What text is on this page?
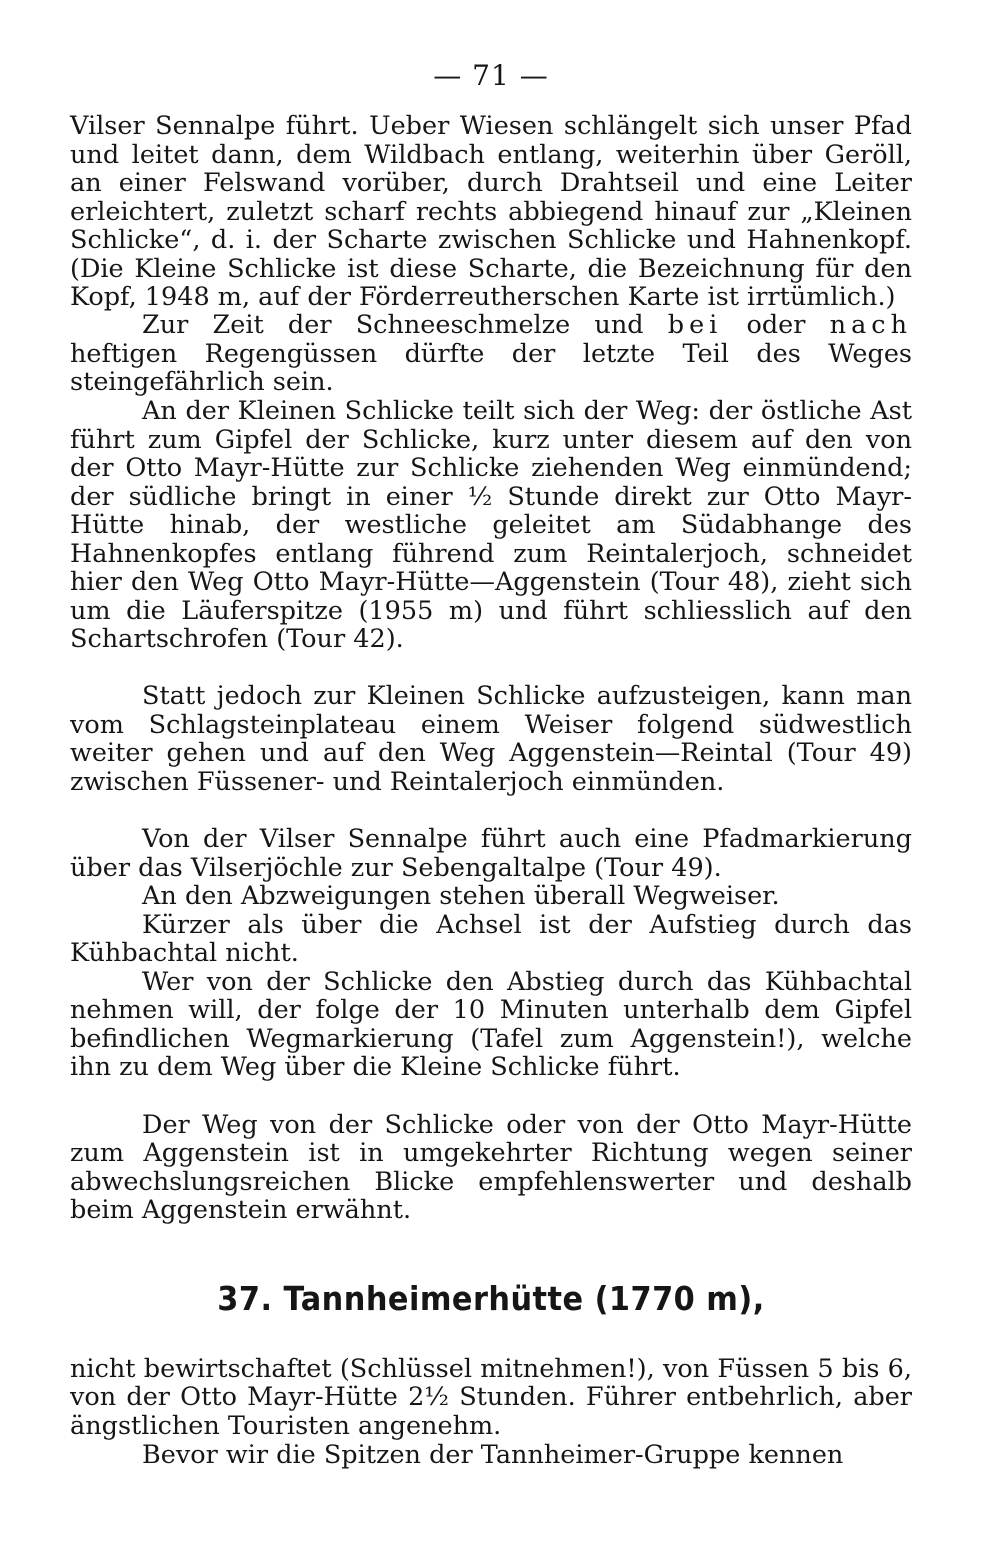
— 71 —

Vilser Sennalpe führt. Ueber Wiesen schlängelt sich unser Pfad und leitet dann, dem Wildbach entlang, weiterhin über Geröll, an einer Felswand vorüber, durch Drahtseil und eine Leiter erleichtert, zuletzt scharf rechts abbiegend hinauf zur „Kleinen Schlicke“, d. i. der Scharte zwischen Schlicke und Hahnenkopf. (Die Kleine Schlicke ist diese Scharte, die Bezeichnung für den Kopf, 1948 m, auf der Förderreutherschen Karte ist irrtümlich.)

Zur Zeit der Schneeschmelze und bei oder nach heftigen Regengüssen dürfte der letzte Teil des Weges steingefährlich sein.

An der Kleinen Schlicke teilt sich der Weg: der östliche Ast führt zum Gipfel der Schlicke, kurz unter diesem auf den von der Otto Mayr-Hütte zur Schlicke ziehenden Weg einmündend; der südliche bringt in einer ½ Stunde direkt zur Otto Mayr-Hütte hinab, der westliche geleitet am Südabhange des Hahnenkopfes entlang führend zum Reintalerjoch, schneidet hier den Weg Otto Mayr-Hütte—Aggenstein (Tour 48), zieht sich um die Läuferspitze (1955 m) und führt schliesslich auf den Schartschrofen (Tour 42).

Statt jedoch zur Kleinen Schlicke aufzusteigen, kann man vom Schlagsteinplateau einem Weiser folgend südwestlich weiter gehen und auf den Weg Aggenstein—Reintal (Tour 49) zwischen Füssener- und Reintalerjoch einmünden.

Von der Vilser Sennalpe führt auch eine Pfadmarkierung über das Vilserjöchle zur Sebengaltalpe (Tour 49).

An den Abzweigungen stehen überall Wegweiser.

Kürzer als über die Achsel ist der Aufstieg durch das Kühbachtal nicht.

Wer von der Schlicke den Abstieg durch das Kühbachtal nehmen will, der folge der 10 Minuten unterhalb dem Gipfel befindlichen Wegmarkierung (Tafel zum Aggenstein!), welche ihn zu dem Weg über die Kleine Schlicke führt.

Der Weg von der Schlicke oder von der Otto Mayr-Hütte zum Aggenstein ist in umgekehrter Richtung wegen seiner abwechslungsreichen Blicke empfehlenswerter und deshalb beim Aggenstein erwähnt.

37. Tannheimerhütte (1770 m),

nicht bewirtschaftet (Schlüssel mitnehmen!), von Füssen 5 bis 6, von der Otto Mayr-Hütte 2½ Stunden. Führer entbehrlich, aber ängstlichen Touristen angenehm.

Bevor wir die Spitzen der Tannheimer-Gruppe kennen
